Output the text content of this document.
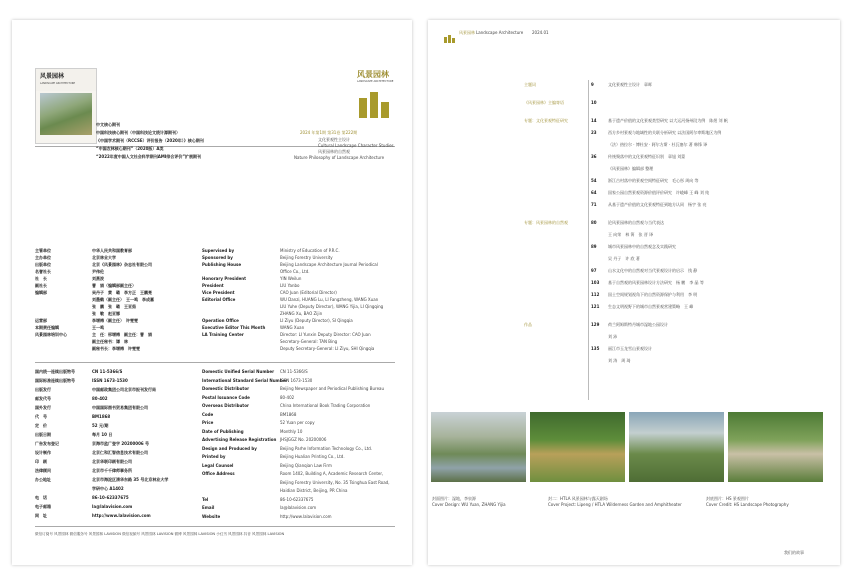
风景园林
LANDSCAPE ARCHITECTURE
风景园林
LANDSCAPE ARCHITECTURE
2024 年第1期 第31卷 第222期
文化景观性主设计
Cultural Landscape Character Studies
风景园林的自然观
Nature Philosophy of Landscape Architecture
微信订阅号 风景园林 微信服务号 风景园林 LAVISION 微信视频号 风景园林 LAVISION 微博 风景园林 LAVISION 小红书 风景园林 抖音 风景园林 LAVISION
中文核心期刊
中国科技核心期刊（中国科技论文统计源期刊）
《中国学术期刊（RCCSE）评价报告（2020年）》核心期刊
“中国农林核心期刊”（2020版）A类
“2022年度中国人文社会科学期刊AMI综合评价”扩展期刊
主管单位	中华人民共和国教育部
主办单位	北京林业大学
出版单位	北京《风景园林》杂志社有限公司
名誉社长	尹伟伦
社　长	刘燕波
副社长	曹　娟（编辑部副主任）
编辑部	吴丹子　黄　璐　李方正　王鹏亮
刘墨鹤（副主任）　王一鸣　李成嘉
张　鹏　张　璐　王亚茹
张　敏　赵亚娜
运营部	李增梅（副主任）　许雯雯
本期责任编辑	王一鸣
风景园林培训中心	主　任：邢增梅　副主任：曹　娟
副主任秘书：谭　林
副秘书长：李增梅　许雯雯
Supervised by	Ministry of Education of P.R.C.
Sponsored by	Beijing Forestry University
Publishing House	Beijing Landscape Architecture Journal Periodical
Office Co., Ltd.
Honorary President	YIN Weilun
President	LIU Yanbo
Vice President	CAO Juan (Editorial Director)
Editorial Office	WU Danzi, HUANG Lu, LI Fangzheng, WANG Xuan
LIU Yuhe (Deputy Director), WANG Yijia, LI Qingqing
ZHANG Xu, BAO Zijin
Operation Office	LI Ziyu (Deputy Director), SI Qingqia
Executive Editor This Month	WANG Xuan
LA Training Center	Director: LI Yunxin Deputy Director: CAO Juan
Secretary-General: TAN Bing
Deputy Secretary-General: LI Ziyu, SHI Qingqia
国内统一连续出版物号	CN 11-5366/S
国际标准连续出版物号	ISSN 1673-1530
出版发行	中国邮政集团公司北京市报刊发行局
邮发代号	80-402
国外发行	中国国际图书贸易集团有限公司
代　号	BM1868
定　价	52 元/期
出版日期	每月 10 日
广告发布登记	京海市监广登字 20200006 号
设计制作	北京仁和汇智信息技术有限公司
印　刷	北京华联印刷有限公司
法律顾问	北京市千千律师事务所
办公地址	北京市海淀区清华东路 35 号北京林业大学
学研中心 A1402
电　话	86-10-62337675
电子邮箱	la@lalavision.com
网　址	http://www.lalavision.com
Domestic Unified Serial Number CN 11-5366/S
International Standard Serial Number
ISSN 1673-1530
Domestic Distributor	Beijing Newspaper and Periodical Publishing Bureau
Postal Issuance Code	80-402
Overseas Distributor	China International Book Trading Corporation
Code	BM1868
Price	52 Yuan per copy
Date of Publishing	Monthly 10
Advertising Release Registration JHSJGGZ No. 20200006
Design and Produced by	Beijing Parhe Information Technology Co., Ltd.
Printed by	Beijing Hualian Printing Co., Ltd.
Legal Counsel	Beijing Qianqian Law Firm
Office Address	Room 1402, Building A, Academic Research Center,
Beijing Forestry University, No. 35 Tsinghua East Road,
Haidian District, Beijing, PR China
Tel	86-10-62337675
Email	la@lalavision.com
Website	http://www.lalavision.com
风景园林 Landscape Architecture 2024.01
我们的故事
主题词	9	文化景观性主设计　章晖
《风景园林》主编寄语	10
专题：文化景观特征研究	14	基于遗产价值的文化景观类型研究 以大运河扬州段为例　陈煜 刘 帆
23	西方乡村景观与地域性的关联分析研究 以法国阿尔卑斯地区为例
（法）热拉尔 · 博杜安 · 阿尔方斯 · 杜瓦塞尔 著 韩锋 译
36	传统聚落中的文化景观特征识别　章旭 刘蒙
《风景园林》编辑部 整理
54	浙江古村落中的景观空间特征研究　毛心彤 周向 等
64	国家公园自然景观资源价值评价研究　许峻峰 王 峰 刘 纯
71	从基于遗产价值的文化景观特征到地方认同　杨宇 张 亮
专题：风景园林的自然观	80	论风景园林的自然观与当代表达
王 向荣　林 箐　张 晋 译
89	城市风景园林中的自然观念及实践研究
吴 丹子　许 欣 著
97	山水文化中的自然观对当代景观设计的启示　钱 静
103 基于自然观的风景园林设计方法研究　杨 鹏　李 晶 等
112 国土空间规划视角下的自然资源保护与利用　李 明
121 生态文明视野下的城市自然景观营建策略　王 峰
作品	129 荷兰阿姆斯特丹城市湿地公园设计
刘 沛
135 丽江市玉龙雪山景观设计
刘 涛　周 琦
封面图片：湿地，李泉源
Cover Design: WU Yuan, ZHANG Yijia
封二：HTLA 风景园林与露天剧场
Cover Project: Lipeng / HTLA Wilderness Garden and Amphitheater
封底图片：HS 景观图片
Cover Credit: HS Landscape Photography
